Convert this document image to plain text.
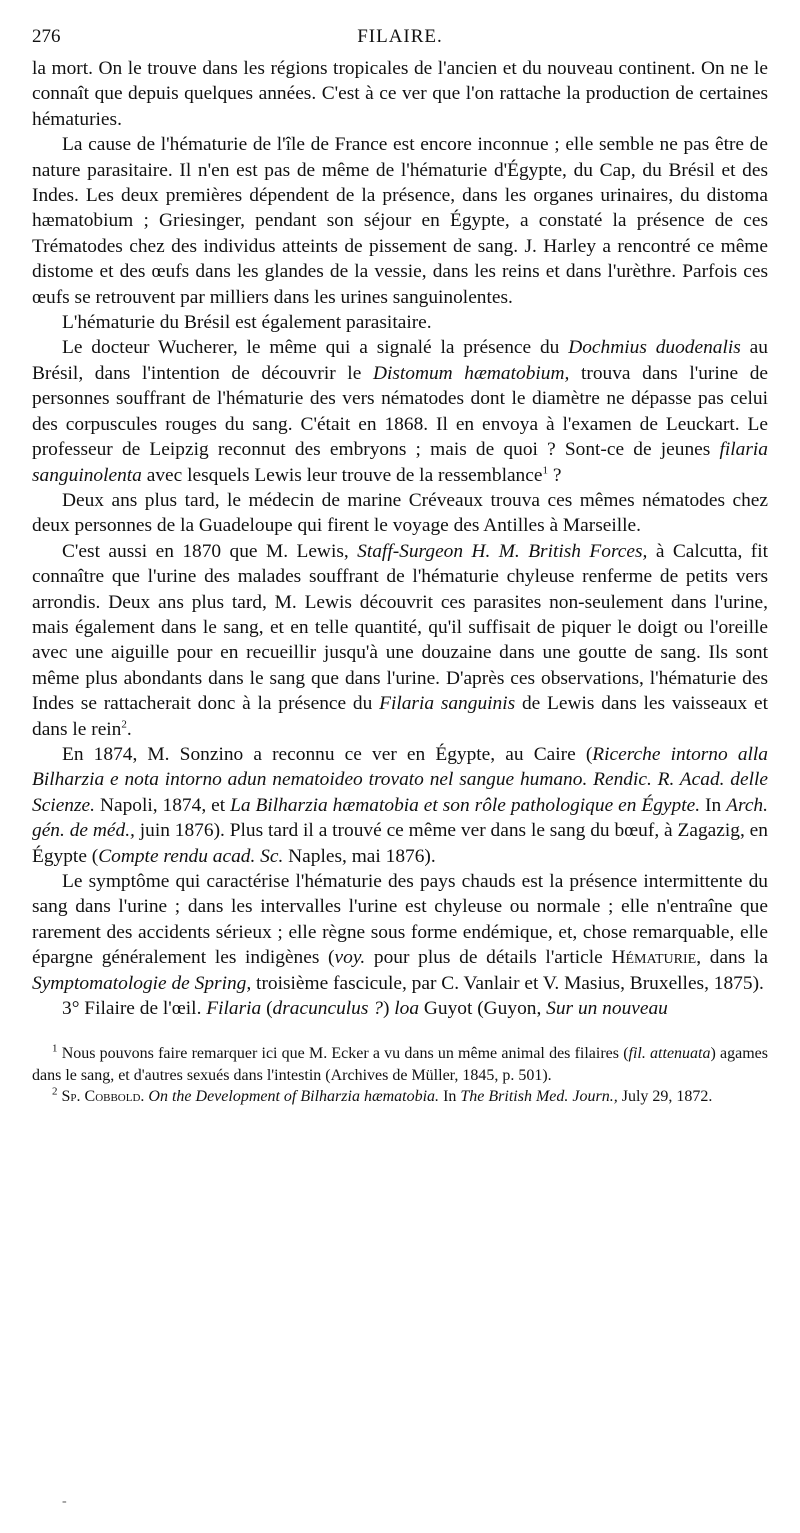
276	FILAIRE.

la mort. On le trouve dans les régions tropicales de l'ancien et du nouveau continent. On ne le connaît que depuis quelques années. C'est à ce ver que l'on rattache la production de certaines hématuries.

La cause de l'hématurie de l'île de France est encore inconnue ; elle semble ne pas être de nature parasitaire. Il n'en est pas de même de l'hématurie d'Égypte, du Cap, du Brésil et des Indes. Les deux premières dépendent de la présence, dans les organes urinaires, du distoma hæmatobium ; Griesinger, pendant son séjour en Égypte, a constaté la présence de ces Trématodes chez des individus atteints de pissement de sang. J. Harley a rencontré ce même distome et des œufs dans les glandes de la vessie, dans les reins et dans l'urèthre. Parfois ces œufs se retrouvent par milliers dans les urines sanguinolentes.

L'hématurie du Brésil est également parasitaire.

Le docteur Wucherer, le même qui a signalé la présence du Dochmius duodenalis au Brésil, dans l'intention de découvrir le Distomum hæmatobium, trouva dans l'urine de personnes souffrant de l'hématurie des vers nématodes dont le diamètre ne dépasse pas celui des corpuscules rouges du sang. C'était en 1868. Il en envoya à l'examen de Leuckart. Le professeur de Leipzig reconnut des embryons ; mais de quoi ? Sont-ce de jeunes filaria sanguinolenta avec lesquels Lewis leur trouve de la ressemblance$^1$ ?

Deux ans plus tard, le médecin de marine Créveaux trouva ces mêmes nématodes chez deux personnes de la Guadeloupe qui firent le voyage des Antilles à Marseille.

C'est aussi en 1870 que M. Lewis, Staff-Surgeon H. M. British Forces, à Calcutta, fit connaître que l'urine des malades souffrant de l'hématurie chyleuse renferme de petits vers arrondis. Deux ans plus tard, M. Lewis découvrit ces parasites non-seulement dans l'urine, mais également dans le sang, et en telle quantité, qu'il suffisait de piquer le doigt ou l'oreille avec une aiguille pour en recueillir jusqu'à une douzaine dans une goutte de sang. Ils sont même plus abondants dans le sang que dans l'urine. D'après ces observations, l'hématurie des Indes se rattacherait donc à la présence du Filaria sanguinis de Lewis dans les vaisseaux et dans le rein$^2$.

En 1874, M. Sonzino a reconnu ce ver en Égypte, au Caire (Ricerche intorno alla Bilharzia e nota intorno adun nematoideo trovato nel sangue humano. Rendic. R. Acad. delle Scienze. Napoli, 1874, et La Bilharzia hæmatobia et son rôle pathologique en Égypte. In Arch. gén. de méd., juin 1876). Plus tard il a trouvé ce même ver dans le sang du bœuf, à Zagazig, en Égypte (Compte rendu acad. Sc. Naples, mai 1876).

Le symptôme qui caractérise l'hématurie des pays chauds est la présence intermittente du sang dans l'urine ; dans les intervalles l'urine est chyleuse ou normale ; elle n'entraîne que rarement des accidents sérieux ; elle règne sous forme endémique, et, chose remarquable, elle épargne généralement les indigènes (voy. pour plus de détails l'article Hématurie, dans la Symptomatologie de Spring, troisième fascicule, par C. Vanlair et V. Masius, Bruxelles, 1875).

3° Filaire de l'œil. Filaria (dracunculus ?) loa Guyot (Guyon, Sur un nouveau

$^1$ Nous pouvons faire remarquer ici que M. Ecker a vu dans un même animal des filaires (fil. attenuata) agames dans le sang, et d'autres sexués dans l'intestin (Archives de Müller, 1845, p. 501).

$^2$ Sp. Cobbold. On the Development of Bilharzia hæmatobia. In The British Med. Journ., July 29, 1872.

-
